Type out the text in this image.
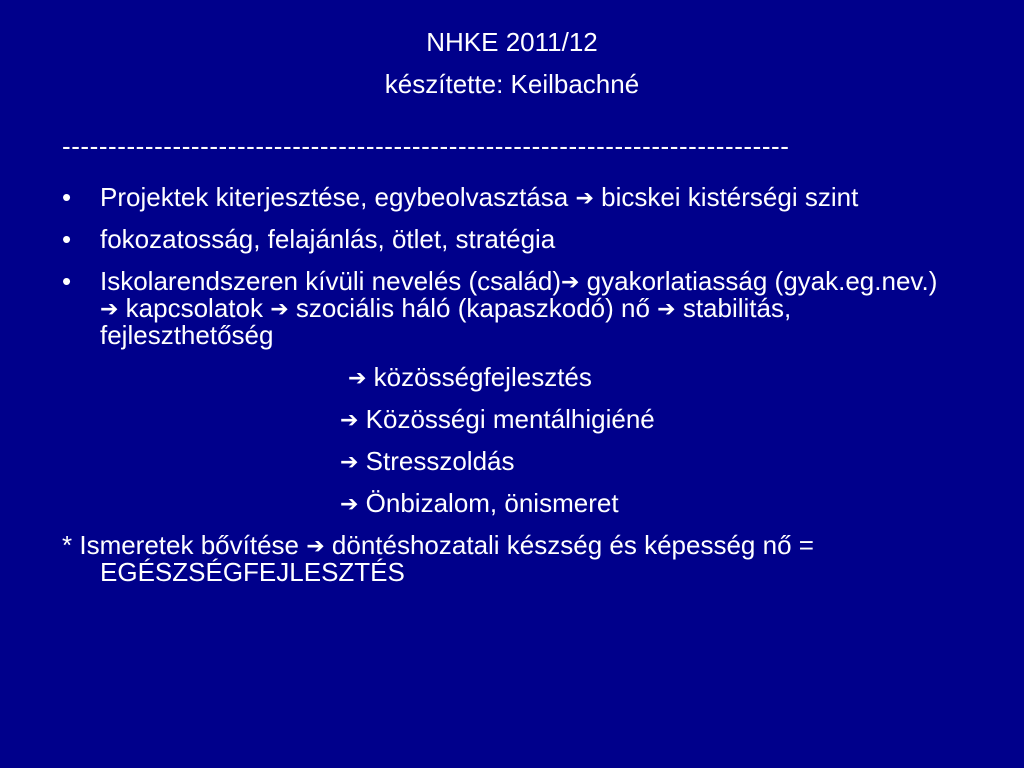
NHKE 2011/12
készítette: Keilbachné
-------------------------------------------------------------------------------
• Projektek kiterjesztése, egybeolvasztása ➔ bicskei kistérségi szint
• fokozatosság, felajánlás, ötlet, stratégia
• Iskolarendszeren kívüli nevelés (család)➔ gyakorlatiasság (gyak.eg.nev.) ➔ kapcsolatok ➔ szociális háló (kapaszkodó) nő ➔ stabilitás, fejleszthetőség
➔ közösségfejlesztés
➔ Közösségi mentálhigiéné
➔ Stresszoldás
➔ Önbizalom, önismeret
* Ismeretek bővítése ➔ döntéshozatali készség és képesség nő = EGÉSZSÉGFEJLESZTÉS
